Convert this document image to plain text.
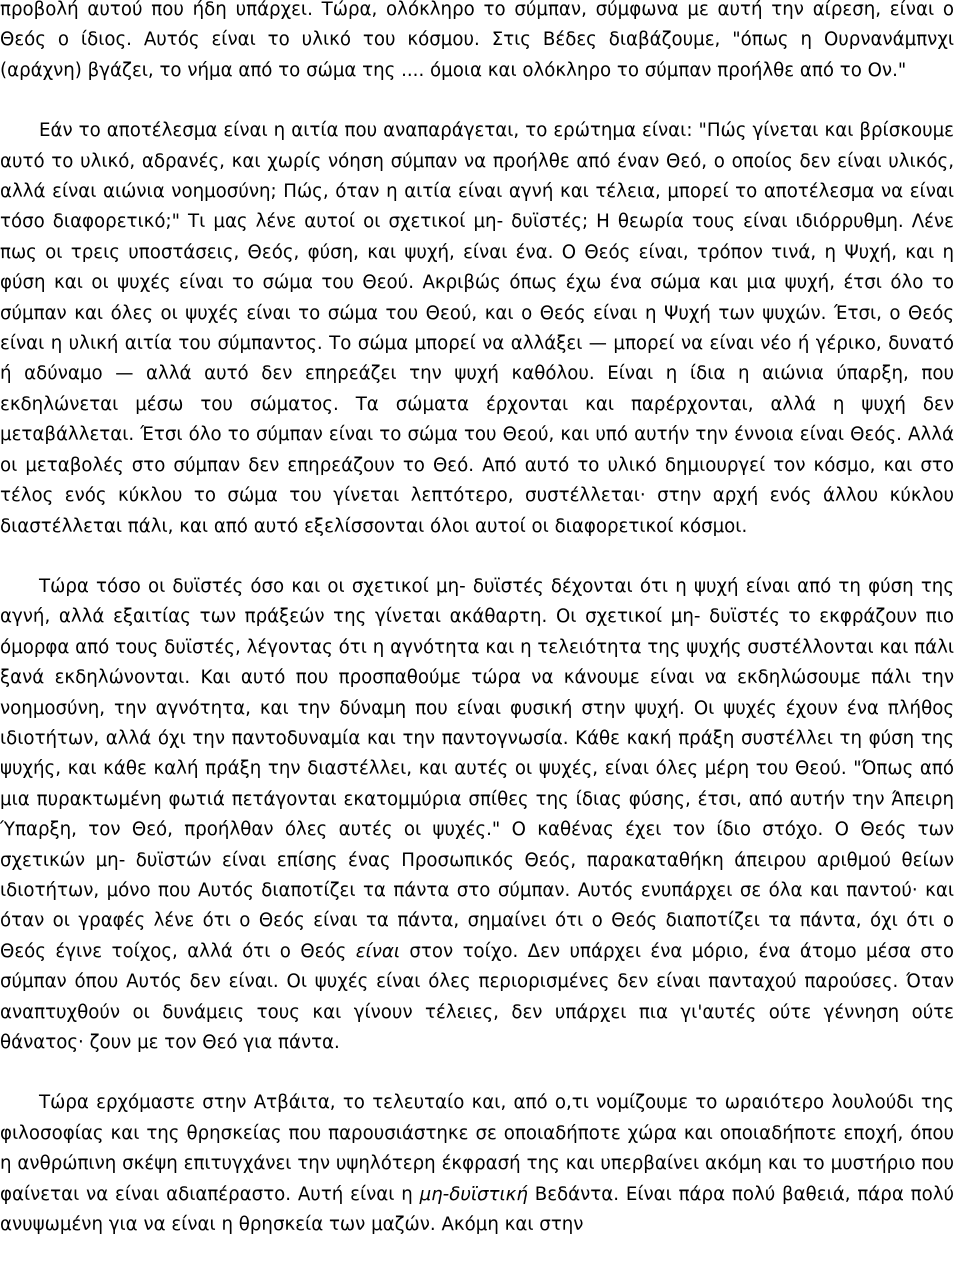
προβολή αυτού που ήδη υπάρχει. Τώρα, ολόκληρο το σύμπαν, σύμφωνα με αυτή την αίρεση, είναι ο Θεός ο ίδιος. Αυτός είναι το υλικό του κόσμου. Στις Βέδες διαβάζουμε, "όπως η Ουρνανάμπνχι (αράχνη) βγάζει, το νήμα από το σώμα της .... όμοια και ολόκληρο το σύμπαν προήλθε από το Ον."

Εάν το αποτέλεσμα είναι η αιτία που αναπαράγεται, το ερώτημα είναι: "Πώς γίνεται και βρίσκουμε αυτό το υλικό, αδρανές, και χωρίς νόηση σύμπαν να προήλθε από έναν Θεό, ο οποίος δεν είναι υλικός, αλλά είναι αιώνια νοημοσύνη; Πώς, όταν η αιτία είναι αγνή και τέλεια, μπορεί το αποτέλεσμα να είναι τόσο διαφορετικό;" Τι μας λένε αυτοί οι σχετικοί μη- δυϊστές; Η θεωρία τους είναι ιδιόρρυθμη. Λένε πως οι τρεις υποστάσεις, Θεός, φύση, και ψυχή, είναι ένα. Ο Θεός είναι, τρόπον τινά, η Ψυχή, και η φύση και οι ψυχές είναι το σώμα του Θεού. Ακριβώς όπως έχω ένα σώμα και μια ψυχή, έτσι όλο το σύμπαν και όλες οι ψυχές είναι το σώμα του Θεού, και ο Θεός είναι η Ψυχή των ψυχών. Έτσι, ο Θεός είναι η υλική αιτία του σύμπαντος. Το σώμα μπορεί να αλλάξει — μπορεί να είναι νέο ή γέρικο, δυνατό ή αδύναμο — αλλά αυτό δεν επηρεάζει την ψυχή καθόλου. Είναι η ίδια η αιώνια ύπαρξη, που εκδηλώνεται μέσω του σώματος. Τα σώματα έρχονται και παρέρχονται, αλλά η ψυχή δεν μεταβάλλεται. Έτσι όλο το σύμπαν είναι το σώμα του Θεού, και υπό αυτήν την έννοια είναι Θεός. Αλλά οι μεταβολές στο σύμπαν δεν επηρεάζουν το Θεό. Από αυτό το υλικό δημιουργεί τον κόσμο, και στο τέλος ενός κύκλου το σώμα του γίνεται λεπτότερο, συστέλλεται· στην αρχή ενός άλλου κύκλου διαστέλλεται πάλι, και από αυτό εξελίσσονται όλοι αυτοί οι διαφορετικοί κόσμοι.

Τώρα τόσο οι δυϊστές όσο και οι σχετικοί μη- δυϊστές δέχονται ότι η ψυχή είναι από τη φύση της αγνή, αλλά εξαιτίας των πράξεών της γίνεται ακάθαρτη. Οι σχετικοί μη- δυϊστές το εκφράζουν πιο όμορφα από τους δυϊστές, λέγοντας ότι η αγνότητα και η τελειότητα της ψυχής συστέλλονται και πάλι ξανά εκδηλώνονται. Και αυτό που προσπαθούμε τώρα να κάνουμε είναι να εκδηλώσουμε πάλι την νοημοσύνη, την αγνότητα, και την δύναμη που είναι φυσική στην ψυχή. Οι ψυχές έχουν ένα πλήθος ιδιοτήτων, αλλά όχι την παντοδυναμία και την παντογνωσία. Κάθε κακή πράξη συστέλλει τη φύση της ψυχής, και κάθε καλή πράξη την διαστέλλει, και αυτές οι ψυχές, είναι όλες μέρη του Θεού. "Όπως από μια πυρακτωμένη φωτιά πετάγονται εκατομμύρια σπίθες της ίδιας φύσης, έτσι, από αυτήν την Άπειρη Ύπαρξη, τον Θεό, προήλθαν όλες αυτές οι ψυχές." Ο καθένας έχει τον ίδιο στόχο. Ο Θεός των σχετικών μη- δυϊστών είναι επίσης ένας Προσωπικός Θεός, παρακαταθήκη άπειρου αριθμού θείων ιδιοτήτων, μόνο που Αυτός διαποτίζει τα πάντα στο σύμπαν. Αυτός ενυπάρχει σε όλα και παντού· και όταν οι γραφές λένε ότι ο Θεός είναι τα πάντα, σημαίνει ότι ο Θεός διαποτίζει τα πάντα, όχι ότι ο Θεός έγινε τοίχος, αλλά ότι ο Θεός είναι στον τοίχο. Δεν υπάρχει ένα μόριο, ένα άτομο μέσα στο σύμπαν όπου Αυτός δεν είναι. Οι ψυχές είναι όλες περιορισμένες δεν είναι πανταχού παρούσες. Όταν αναπτυχθούν οι δυνάμεις τους και γίνουν τέλειες, δεν υπάρχει πια γι'αυτές ούτε γέννηση ούτε θάνατος· ζουν με τον Θεό για πάντα.

Τώρα ερχόμαστε στην Ατβάιτα, το τελευταίο και, από ο,τι νομίζουμε το ωραιότερο λουλούδι της φιλοσοφίας και της θρησκείας που παρουσιάστηκε σε οποιαδήποτε χώρα και οποιαδήποτε εποχή, όπου η ανθρώπινη σκέψη επιτυγχάνει την υψηλότερη έκφρασή της και υπερβαίνει ακόμη και το μυστήριο που φαίνεται να είναι αδιαπέραστο. Αυτή είναι η μη-δυϊστική Βεδάντα. Είναι πάρα πολύ βαθειά, πάρα πολύ ανυψωμένη για να είναι η θρησκεία των μαζών. Ακόμη και στην
